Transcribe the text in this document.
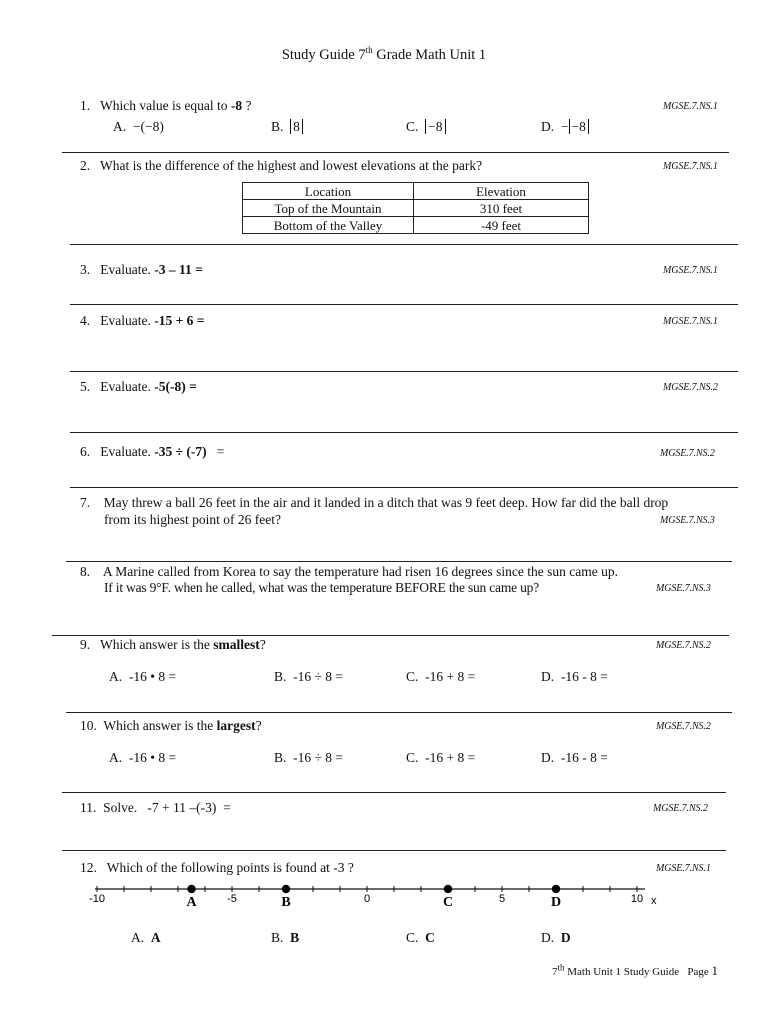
Study Guide 7th Grade Math Unit 1
1. Which value is equal to -8 ?	MGSE.7.NS.1
A. −(−8)	B. 8	C. −8	D. − −8
2. What is the difference of the highest and lowest elevations at the park?	MGSE.7.NS.1
Location	Elevation
Top of the Mountain	310 feet
Bottom of the Valley	-49 feet
3. Evaluate. -3 – 11 =	MGSE.7.NS.1
4. Evaluate. -15 + 6 =	MGSE.7.NS.1
5. Evaluate. -5(-8) =	MGSE.7.NS.2
6. Evaluate. -35 ÷ (-7)   =	MGSE.7.NS.2
7. May threw a ball 26 feet in the air and it landed in a ditch that was 9 feet deep. How far did the ball drop
from its highest point of 26 feet?	MGSE.7.NS.3
8. A Marine called from Korea to say the temperature had risen 16 degrees since the sun came up.
If it was 9°F. when he called, what was the temperature BEFORE the sun came up?	MGSE.7.NS.3
9. Which answer is the smallest?	MGSE.7.NS.2
A. -16 • 8 =	B. -16 ÷ 8 =	C. -16 + 8 =	D. -16 - 8 =
10. Which answer is the largest?	MGSE.7.NS.2
A. -16 • 8 =	B. -16 ÷ 8 =	C. -16 + 8 =	D. -16 - 8 =
11. Solve.   -7 + 11 –(-3)  =	MGSE.7.NS.2
12. Which of the following points is found at -3 ?	MGSE.7.NS.1
-10	-5	0	5	10
A	B	C	D	x
A. A	B. B	C. C	D. D
7th Math Unit 1 Study Guide   Page 1
